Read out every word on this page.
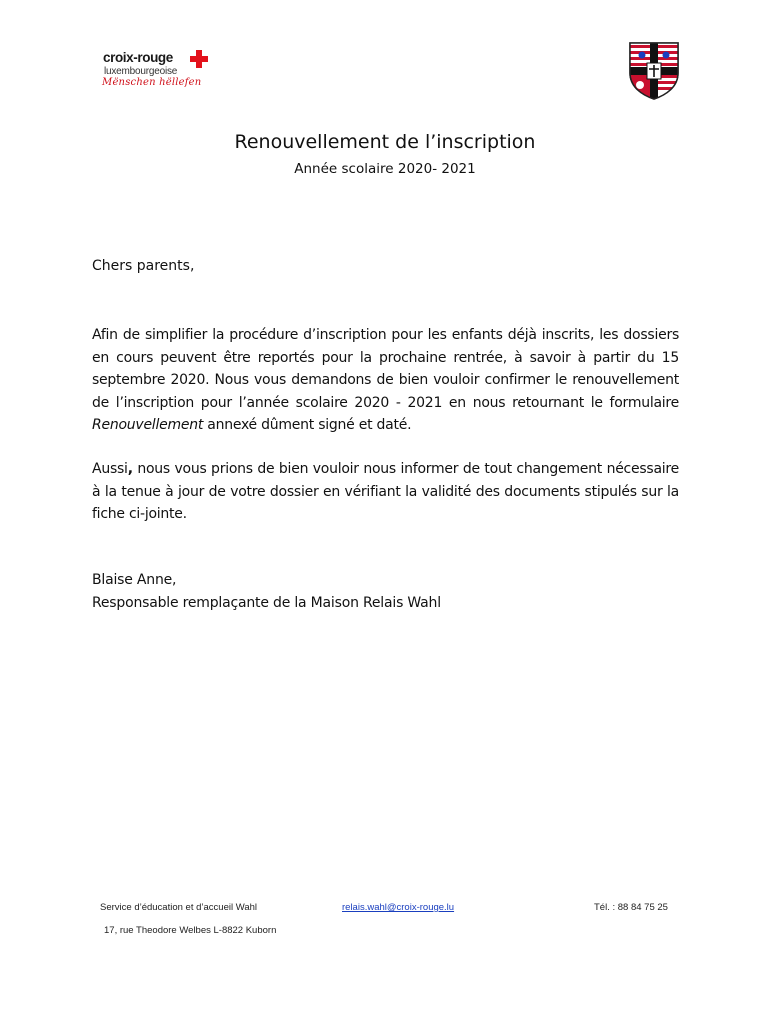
croix-rouge
luxembourgeoise
Mënschen hëllefen
Renouvellement de l’inscription
Année scolaire 2020- 2021
Chers parents,

Afin de simplifier la procédure d’inscription pour les enfants déjà inscrits, les dossiers en cours peuvent être reportés pour la prochaine rentrée, à savoir à partir du 15 septembre 2020. Nous vous demandons de bien vouloir confirmer le renouvellement de l’inscription pour l’année scolaire 2020 - 2021 en nous retournant le formulaire Renouvellement annexé dûment signé et daté.

Aussi, nous vous prions de bien vouloir nous informer de tout changement nécessaire à la tenue à jour de votre dossier en vérifiant la validité des documents stipulés sur la fiche ci-jointe.

Blaise Anne,
Responsable remplaçante de la Maison Relais Wahl
Service d’éducation et d’accueil Wahl	relais.wahl@croix-rouge.lu	Tél. : 88 84 75 25
17, rue Theodore Welbes L-8822 Kuborn
